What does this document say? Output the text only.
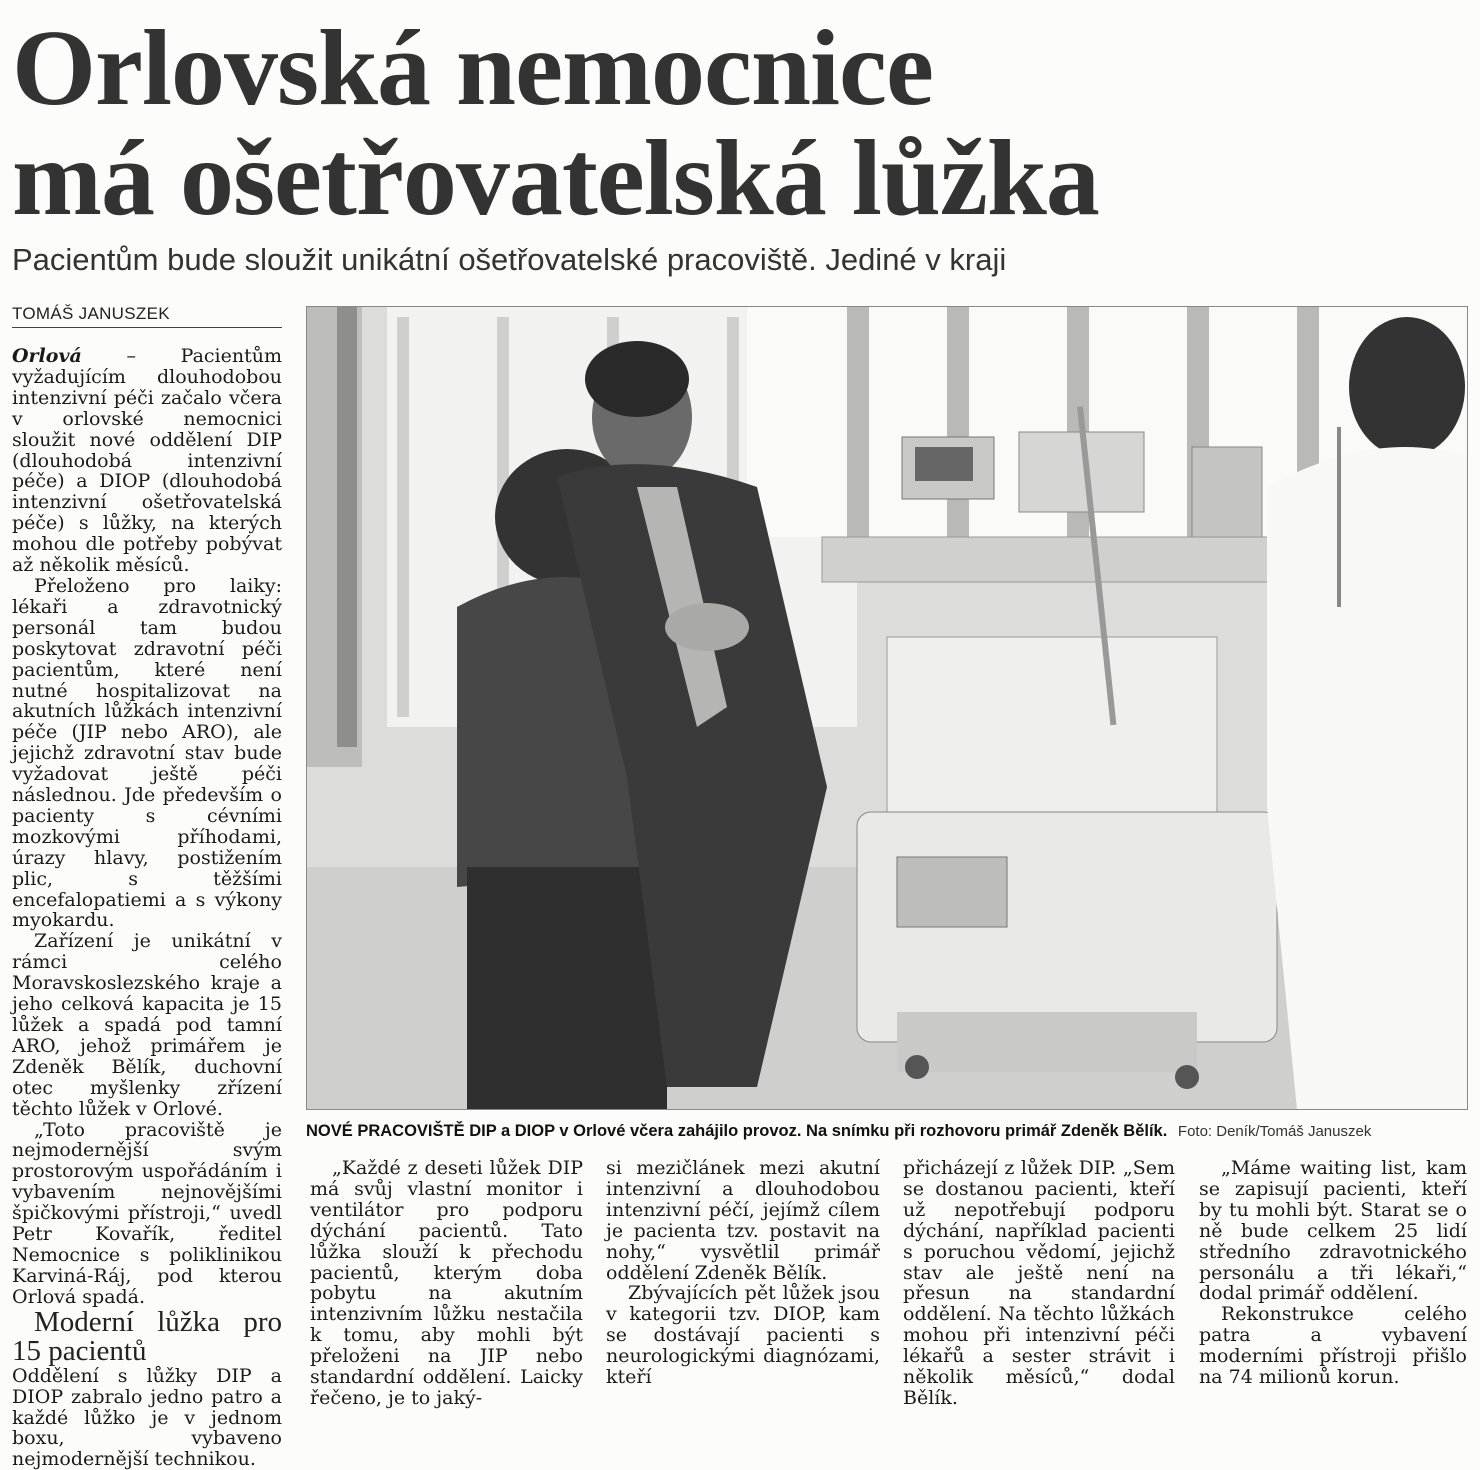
Orlovská nemocnice
má ošetřovatelská lůžka

Pacientům bude sloužit unikátní ošetřovatelské pracoviště. Jediné v kraji

TOMÁŠ JANUSZEK

Orlová – Pacientům vyžadujícím dlouhodobou intenzivní péči začalo včera v orlovské nemocnici sloužit nové oddělení DIP (dlouhodobá intenzivní péče) a DIOP (dlouhodobá intenzivní ošetřovatelská péče) s lůžky, na kterých mohou dle potřeby pobývat až několik měsíců.

Přeloženo pro laiky: lékaři a zdravotnický personál tam budou poskytovat zdravotní péči pacientům, které není nutné hospitalizovat na akutních lůžkách intenzivní péče (JIP nebo ARO), ale jejichž zdravotní stav bude vyžadovat ještě péči následnou. Jde především o pacienty s cévními mozkovými příhodami, úrazy hlavy, postižením plic, s těžšími encefalopatiemi a s výkony myokardu.

Zařízení je unikátní v rámci celého Moravskoslezského kraje a jeho celková kapacita je 15 lůžek a spadá pod tamní ARO, jehož primářem je Zdeněk Bělík, duchovní otec myšlenky zřízení těchto lůžek v Orlové.

„Toto pracoviště je nejmodernější svým prostorovým uspořádáním i vybavením nejnovějšími špičkovými přístroji,“ uvedl Petr Kovařík, ředitel Nemocnice s poliklinikou Karviná-Ráj, pod kterou Orlová spadá.

Moderní lůžka pro 15 pacientů

Oddělení s lůžky DIP a DIOP zabralo jedno patro a každé lůžko je v jednom boxu, vybaveno nejmodernější technikou.

NOVÉ PRACOVIŠTĚ DIP a DIOP v Orlové včera zahájilo provoz. Na snímku při rozhovoru primář Zdeněk Bělík. Foto: Deník/Tomáš Januszek

„Každé z deseti lůžek DIP má svůj vlastní monitor i ventilátor pro podporu dýchání pacientů. Tato lůžka slouží k přechodu pacientů, kterým doba pobytu na akutním intenzivním lůžku nestačila k tomu, aby mohli být přeloženi na JIP nebo standardní oddělení. Laicky řečeno, je to jaký-

si mezičlánek mezi akutní intenzivní a dlouhodobou intenzivní péčí, jejímž cílem je pacienta tzv. postavit na nohy,“ vysvětlil primář oddělení Zdeněk Bělík.

Zbývajících pět lůžek jsou v kategorii tzv. DIOP, kam se dostávají pacienti s neurologickými diagnózami, kteří

přicházejí z lůžek DIP. „Sem se dostanou pacienti, kteří už nepotřebují podporu dýchání, například pacienti s poruchou vědomí, jejichž stav ale ještě není na přesun na standardní oddělení. Na těchto lůžkách mohou při intenzivní péči lékařů a sester strávit i několik měsíců,“ dodal Bělík.

„Máme waiting list, kam se zapisují pacienti, kteří by tu mohli být. Starat se o ně bude celkem 25 lidí středního zdravotnického personálu a tři lékaři,“ dodal primář oddělení.

Rekonstrukce celého patra a vybavení moderními přístroji přišlo na 74 milionů korun.
